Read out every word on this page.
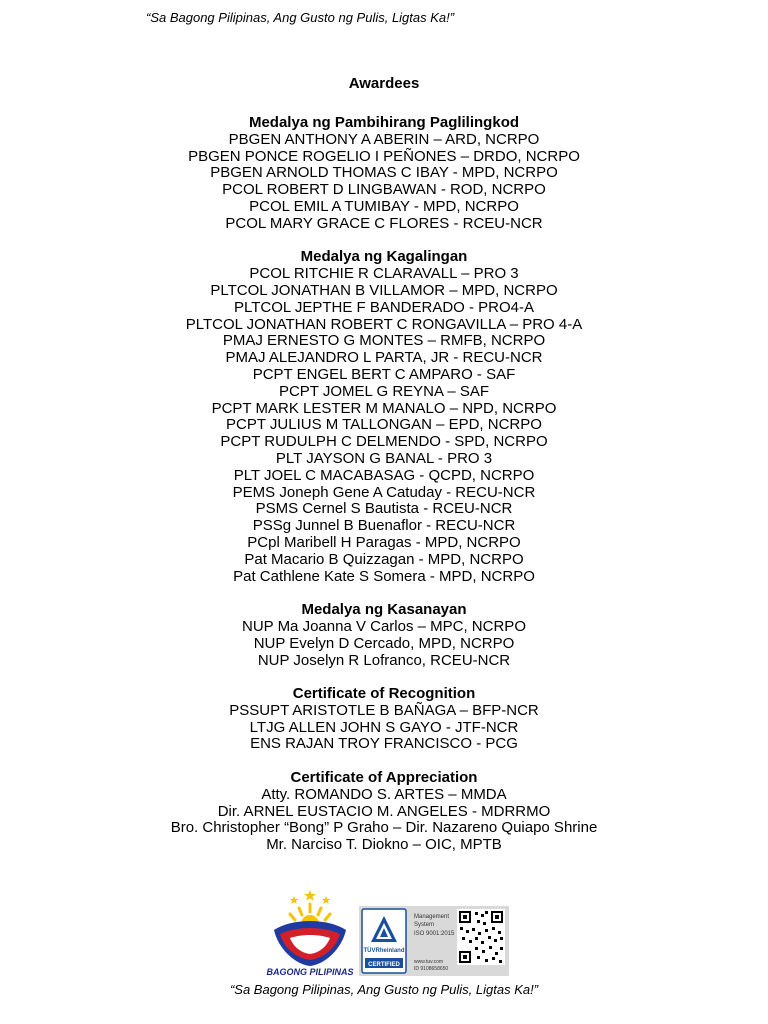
“Sa Bagong Pilipinas, Ang Gusto ng Pulis, Ligtas Ka!”
Awardees
Medalya ng Pambihirang Paglilingkod
PBGEN ANTHONY A ABERIN – ARD, NCRPO
PBGEN PONCE ROGELIO I PEÑONES – DRDO, NCRPO
PBGEN ARNOLD THOMAS C IBAY - MPD, NCRPO
PCOL ROBERT D LINGBAWAN - ROD, NCRPO
PCOL EMIL A TUMIBAY - MPD, NCRPO
PCOL MARY GRACE C FLORES - RCEU-NCR
Medalya ng Kagalingan
PCOL RITCHIE R CLARAVALL – PRO 3
PLTCOL JONATHAN B VILLAMOR – MPD, NCRPO
PLTCOL JEPTHE F BANDERADO - PRO4-A
PLTCOL JONATHAN ROBERT C RONGAVILLA – PRO 4-A
PMAJ ERNESTO G MONTES – RMFB, NCRPO
PMAJ ALEJANDRO L PARTA, JR - RECU-NCR
PCPT ENGEL BERT C AMPARO - SAF
PCPT JOMEL G REYNA – SAF
PCPT MARK LESTER M MANALO – NPD, NCRPO
PCPT JULIUS M TALLONGAN – EPD, NCRPO
PCPT RUDULPH C DELMENDO - SPD, NCRPO
PLT JAYSON G BANAL - PRO 3
PLT JOEL C MACABASAG - QCPD, NCRPO
PEMS Joneph Gene A Catuday - RECU-NCR
PSMS Cernel S Bautista - RCEU-NCR
PSSg Junnel B Buenaflor - RECU-NCR
PCpl Maribell H Paragas - MPD, NCRPO
Pat Macario B Quizzagan - MPD, NCRPO
Pat Cathlene Kate S Somera - MPD, NCRPO
Medalya ng Kasanayan
NUP Ma Joanna V Carlos – MPC, NCRPO
NUP Evelyn D Cercado, MPD, NCRPO
NUP Joselyn R Lofranco, RCEU-NCR
Certificate of Recognition
PSSUPT ARISTOTLE B BAÑAGA – BFP-NCR
LTJG ALLEN JOHN S GAYO - JTF-NCR
ENS RAJAN TROY FRANCISCO - PCG
Certificate of Appreciation
Atty. ROMANDO S. ARTES – MMDA
Dir. ARNEL EUSTACIO M. ANGELES - MDRRMO
Bro. Christopher “Bong” P Graho – Dir. Nazareno Quiapo Shrine
Mr. Narciso T. Diokno – OIC, MPTB
BAGONG PILIPINAS
TÜVRheinland
CERTIFIED
Management
System
ISO 9001:2015
www.tuv.com
ID 9108658650
“Sa Bagong Pilipinas, Ang Gusto ng Pulis, Ligtas Ka!”
